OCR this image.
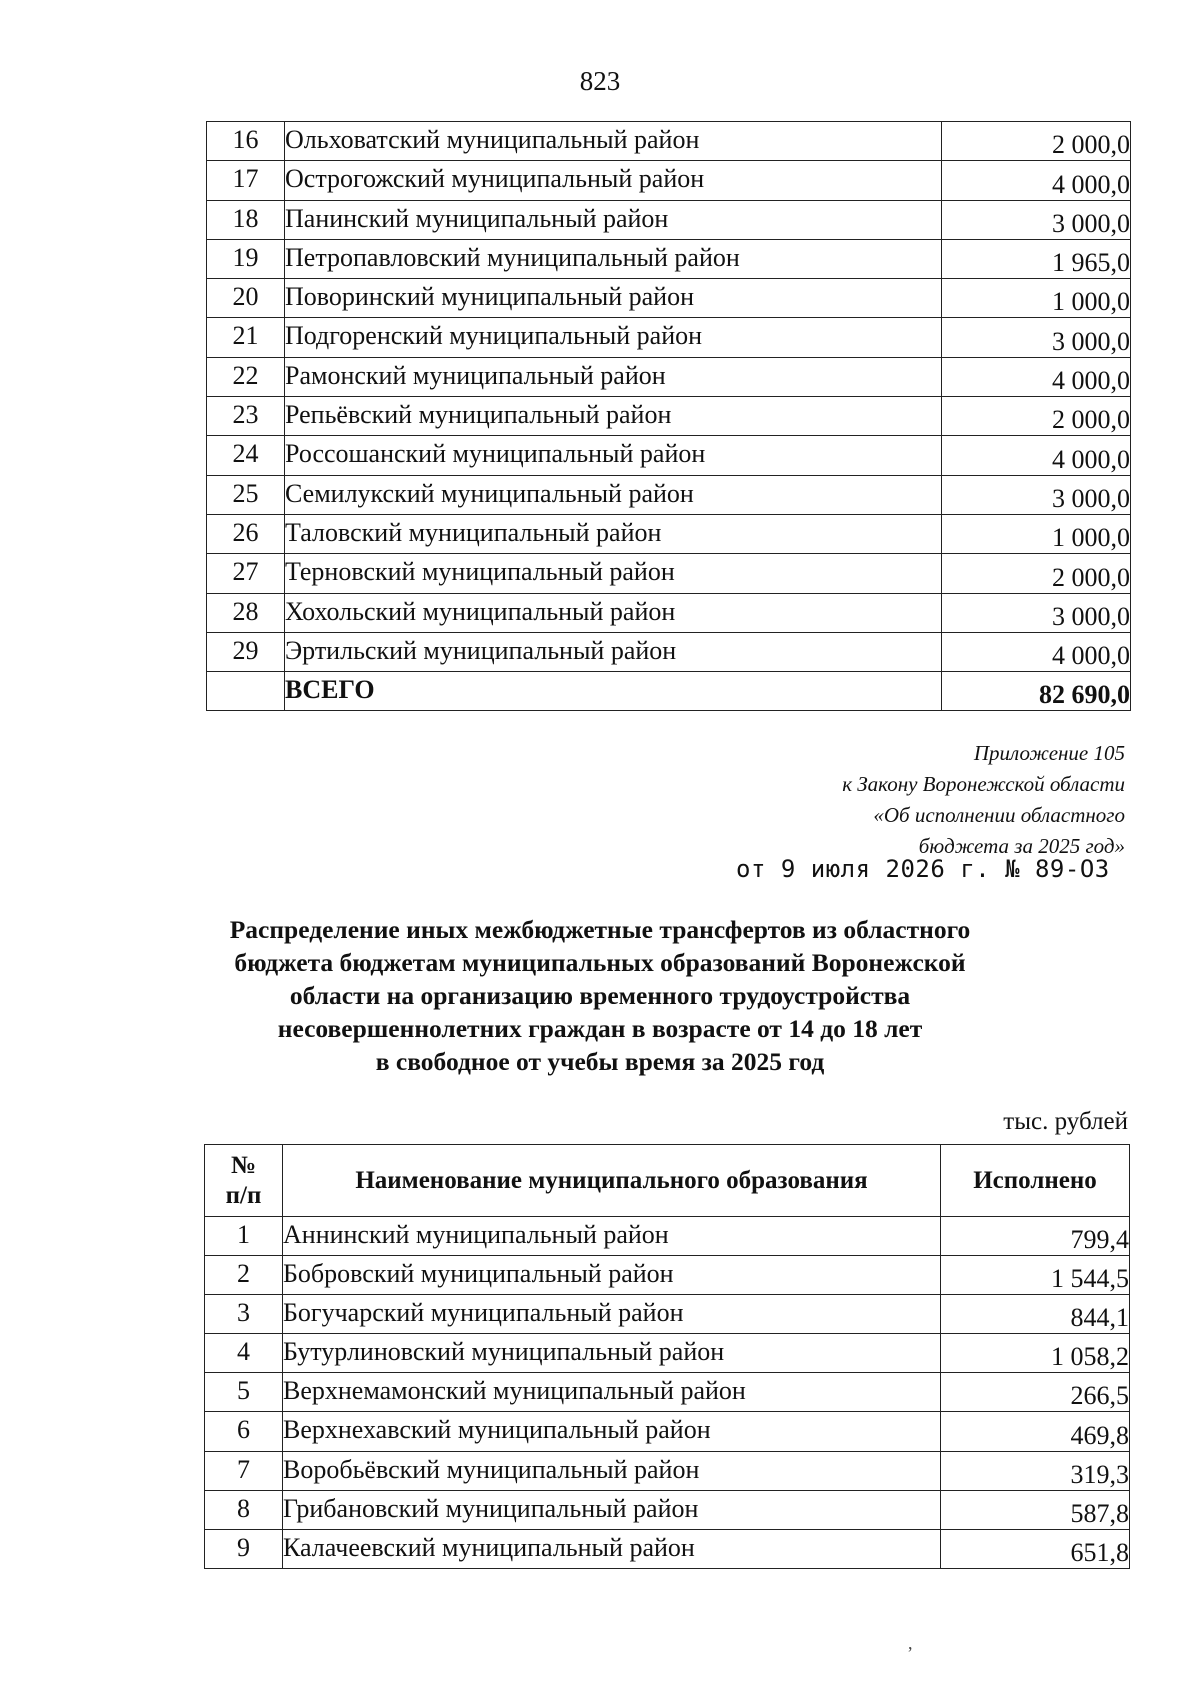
823
16	Ольховатский муниципальный район	2 000,0
17	Острогожский муниципальный район	4 000,0
18	Панинский муниципальный район	3 000,0
19	Петропавловский муниципальный район	1 965,0
20	Поворинский муниципальный район	1 000,0
21	Подгоренский муниципальный район	3 000,0
22	Рамонский муниципальный район	4 000,0
23	Репьёвский муниципальный район	2 000,0
24	Россошанский муниципальный район	4 000,0
25	Семилукский муниципальный район	3 000,0
26	Таловский муниципальный район	1 000,0
27	Терновский муниципальный район	2 000,0
28	Хохольский муниципальный район	3 000,0
29	Эртильский муниципальный район	4 000,0
	ВСЕГО	82 690,0
Приложение 105
к Закону Воронежской области
«Об исполнении областного
бюджета за 2025 год»
от 9 июля 2026 г. № 89-ОЗ
Распределение иных межбюджетные трансфертов из областного
бюджета бюджетам муниципальных образований Воронежской
области на организацию временного трудоустройства
несовершеннолетних граждан в возрасте от 14 до 18 лет
в свободное от учебы время за 2025 год
тыс. рублей
№
п/п	Наименование муниципального образования	Исполнено
1	Аннинский муниципальный район	799,4
2	Бобровский муниципальный район	1 544,5
3	Богучарский муниципальный район	844,1
4	Бутурлиновский муниципальный район	1 058,2
5	Верхнемамонский муниципальный район	266,5
6	Верхнехавский муниципальный район	469,8
7	Воробьёвский муниципальный район	319,3
8	Грибановский муниципальный район	587,8
9	Калачеевский муниципальный район	651,8
,
